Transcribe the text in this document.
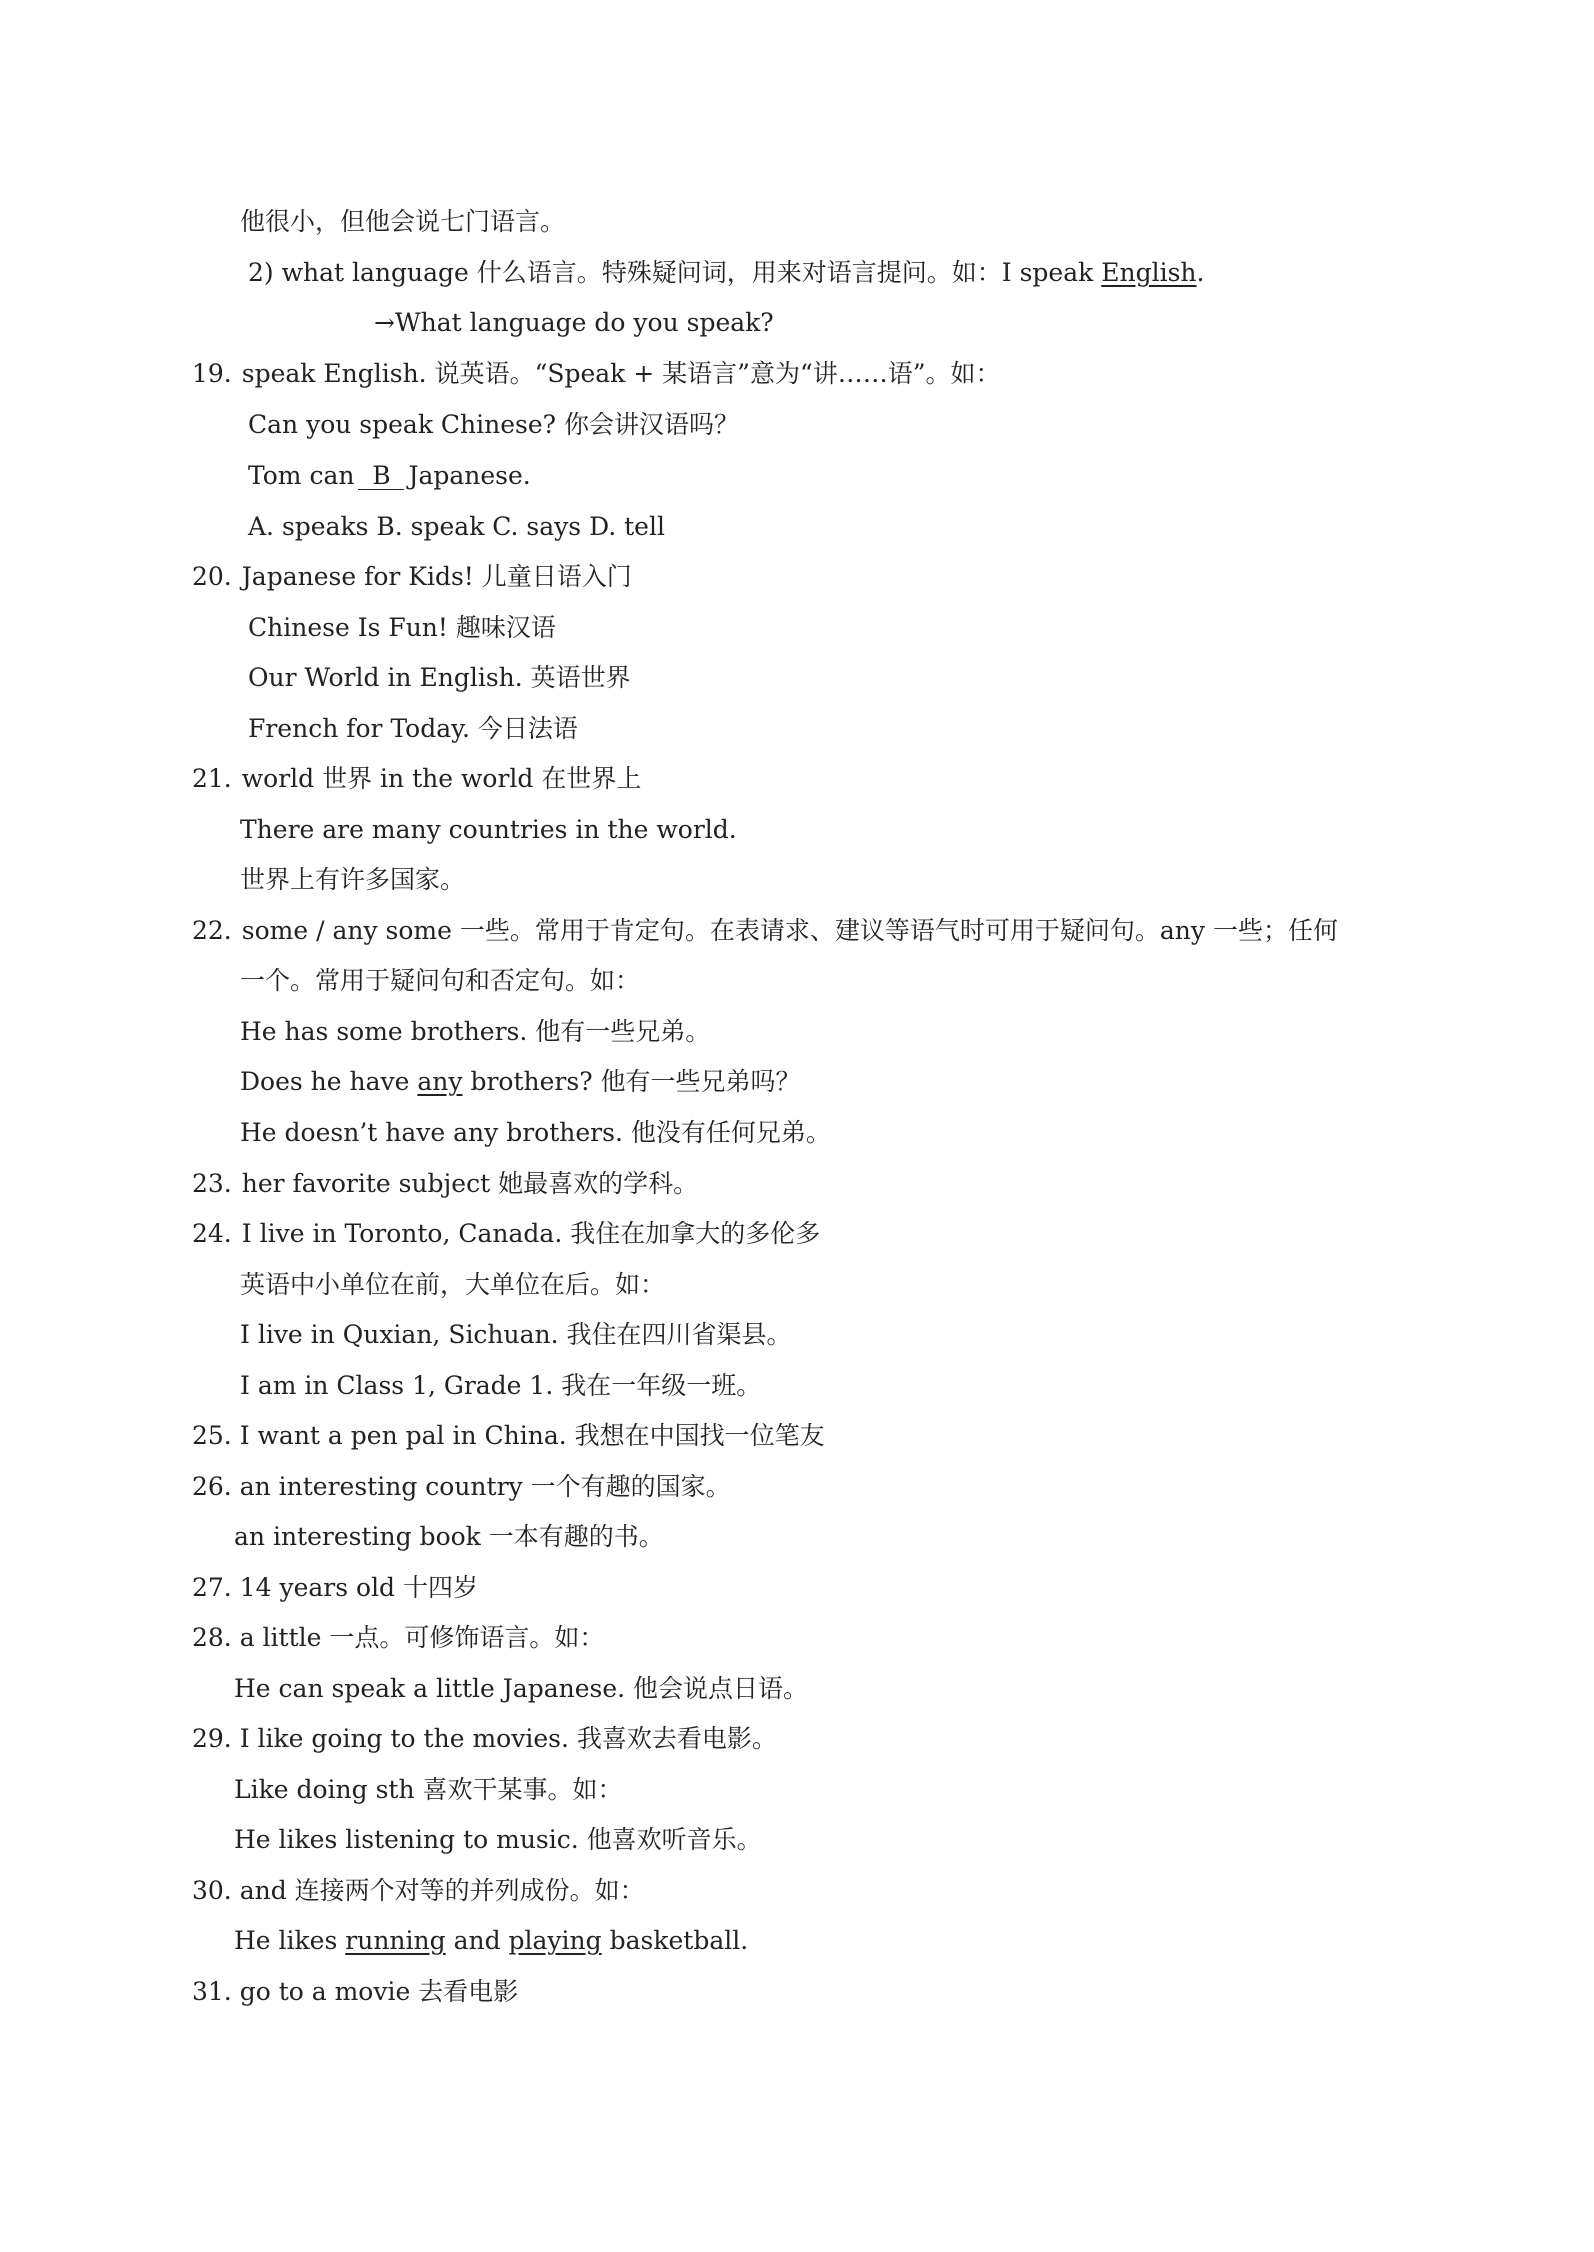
他很小，但他会说七门语言。
2) what language 什么语言。特殊疑问词，用来对语言提问。如：I speak English.
→What language do you speak?
19. speak English. 说英语。“Speak + 某语言”意为“讲……语”。如：
Can you speak Chinese? 你会讲汉语吗？
Tom can B Japanese.
A. speaks B. speak C. says D. tell
20. Japanese for Kids! 儿童日语入门
Chinese Is Fun! 趣味汉语
Our World in English. 英语世界
French for Today. 今日法语
21. world 世界 in the world 在世界上
There are many countries in the world.
世界上有许多国家。
22. some / any some 一些。常用于肯定句。在表请求、建议等语气时可用于疑问句。any 一些；任何
一个。常用于疑问句和否定句。如：
He has some brothers. 他有一些兄弟。
Does he have any brothers? 他有一些兄弟吗？
He doesn’t have any brothers. 他没有任何兄弟。
23. her favorite subject 她最喜欢的学科。
24. I live in Toronto, Canada. 我住在加拿大的多伦多
英语中小单位在前，大单位在后。如：
I live in Quxian, Sichuan. 我住在四川省渠县。
I am in Class 1, Grade 1. 我在一年级一班。
25. I want a pen pal in China. 我想在中国找一位笔友
26. an interesting country 一个有趣的国家。
an interesting book 一本有趣的书。
27. 14 years old 十四岁
28. a little 一点。可修饰语言。如：
He can speak a little Japanese. 他会说点日语。
29. I like going to the movies. 我喜欢去看电影。
Like doing sth 喜欢干某事。如：
He likes listening to music. 他喜欢听音乐。
30. and 连接两个对等的并列成份。如：
He likes running and playing basketball.
31. go to a movie 去看电影
